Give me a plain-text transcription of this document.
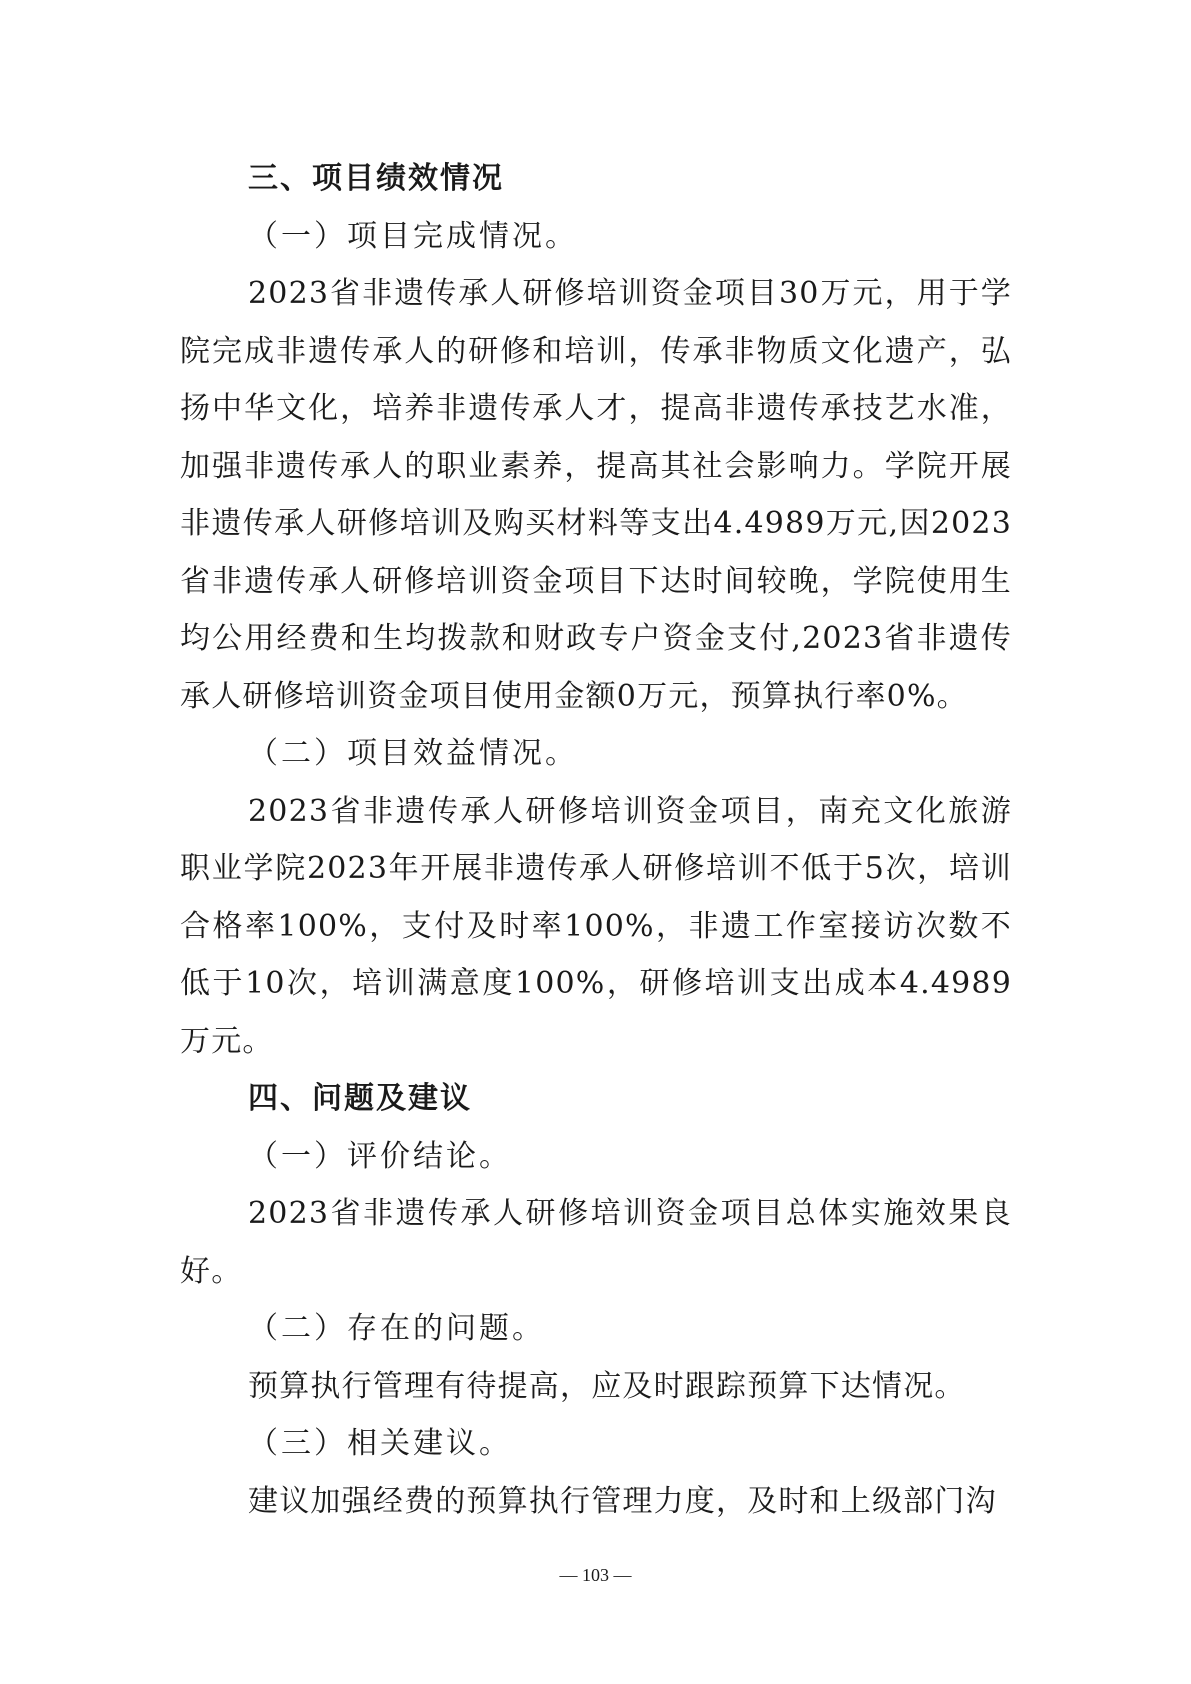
三、项目绩效情况

（一）项目完成情况。

2023省非遗传承人研修培训资金项目30万元，用于学院完成非遗传承人的研修和培训，传承非物质文化遗产，弘扬中华文化，培养非遗传承人才，提高非遗传承技艺水准，加强非遗传承人的职业素养，提高其社会影响力。学院开展非遗传承人研修培训及购买材料等支出4.4989万元,因2023省非遗传承人研修培训资金项目下达时间较晚，学院使用生均公用经费和生均拨款和财政专户资金支付,2023省非遗传承人研修培训资金项目使用金额0万元，预算执行率0%。

（二）项目效益情况。

2023省非遗传承人研修培训资金项目，南充文化旅游职业学院2023年开展非遗传承人研修培训不低于5次，培训合格率100%，支付及时率100%，非遗工作室接访次数不低于10次，培训满意度100%，研修培训支出成本4.4989万元。

四、问题及建议

（一）评价结论。

2023省非遗传承人研修培训资金项目总体实施效果良好。

（二）存在的问题。

预算执行管理有待提高，应及时跟踪预算下达情况。

（三）相关建议。

建议加强经费的预算执行管理力度，及时和上级部门沟

— 103 —
